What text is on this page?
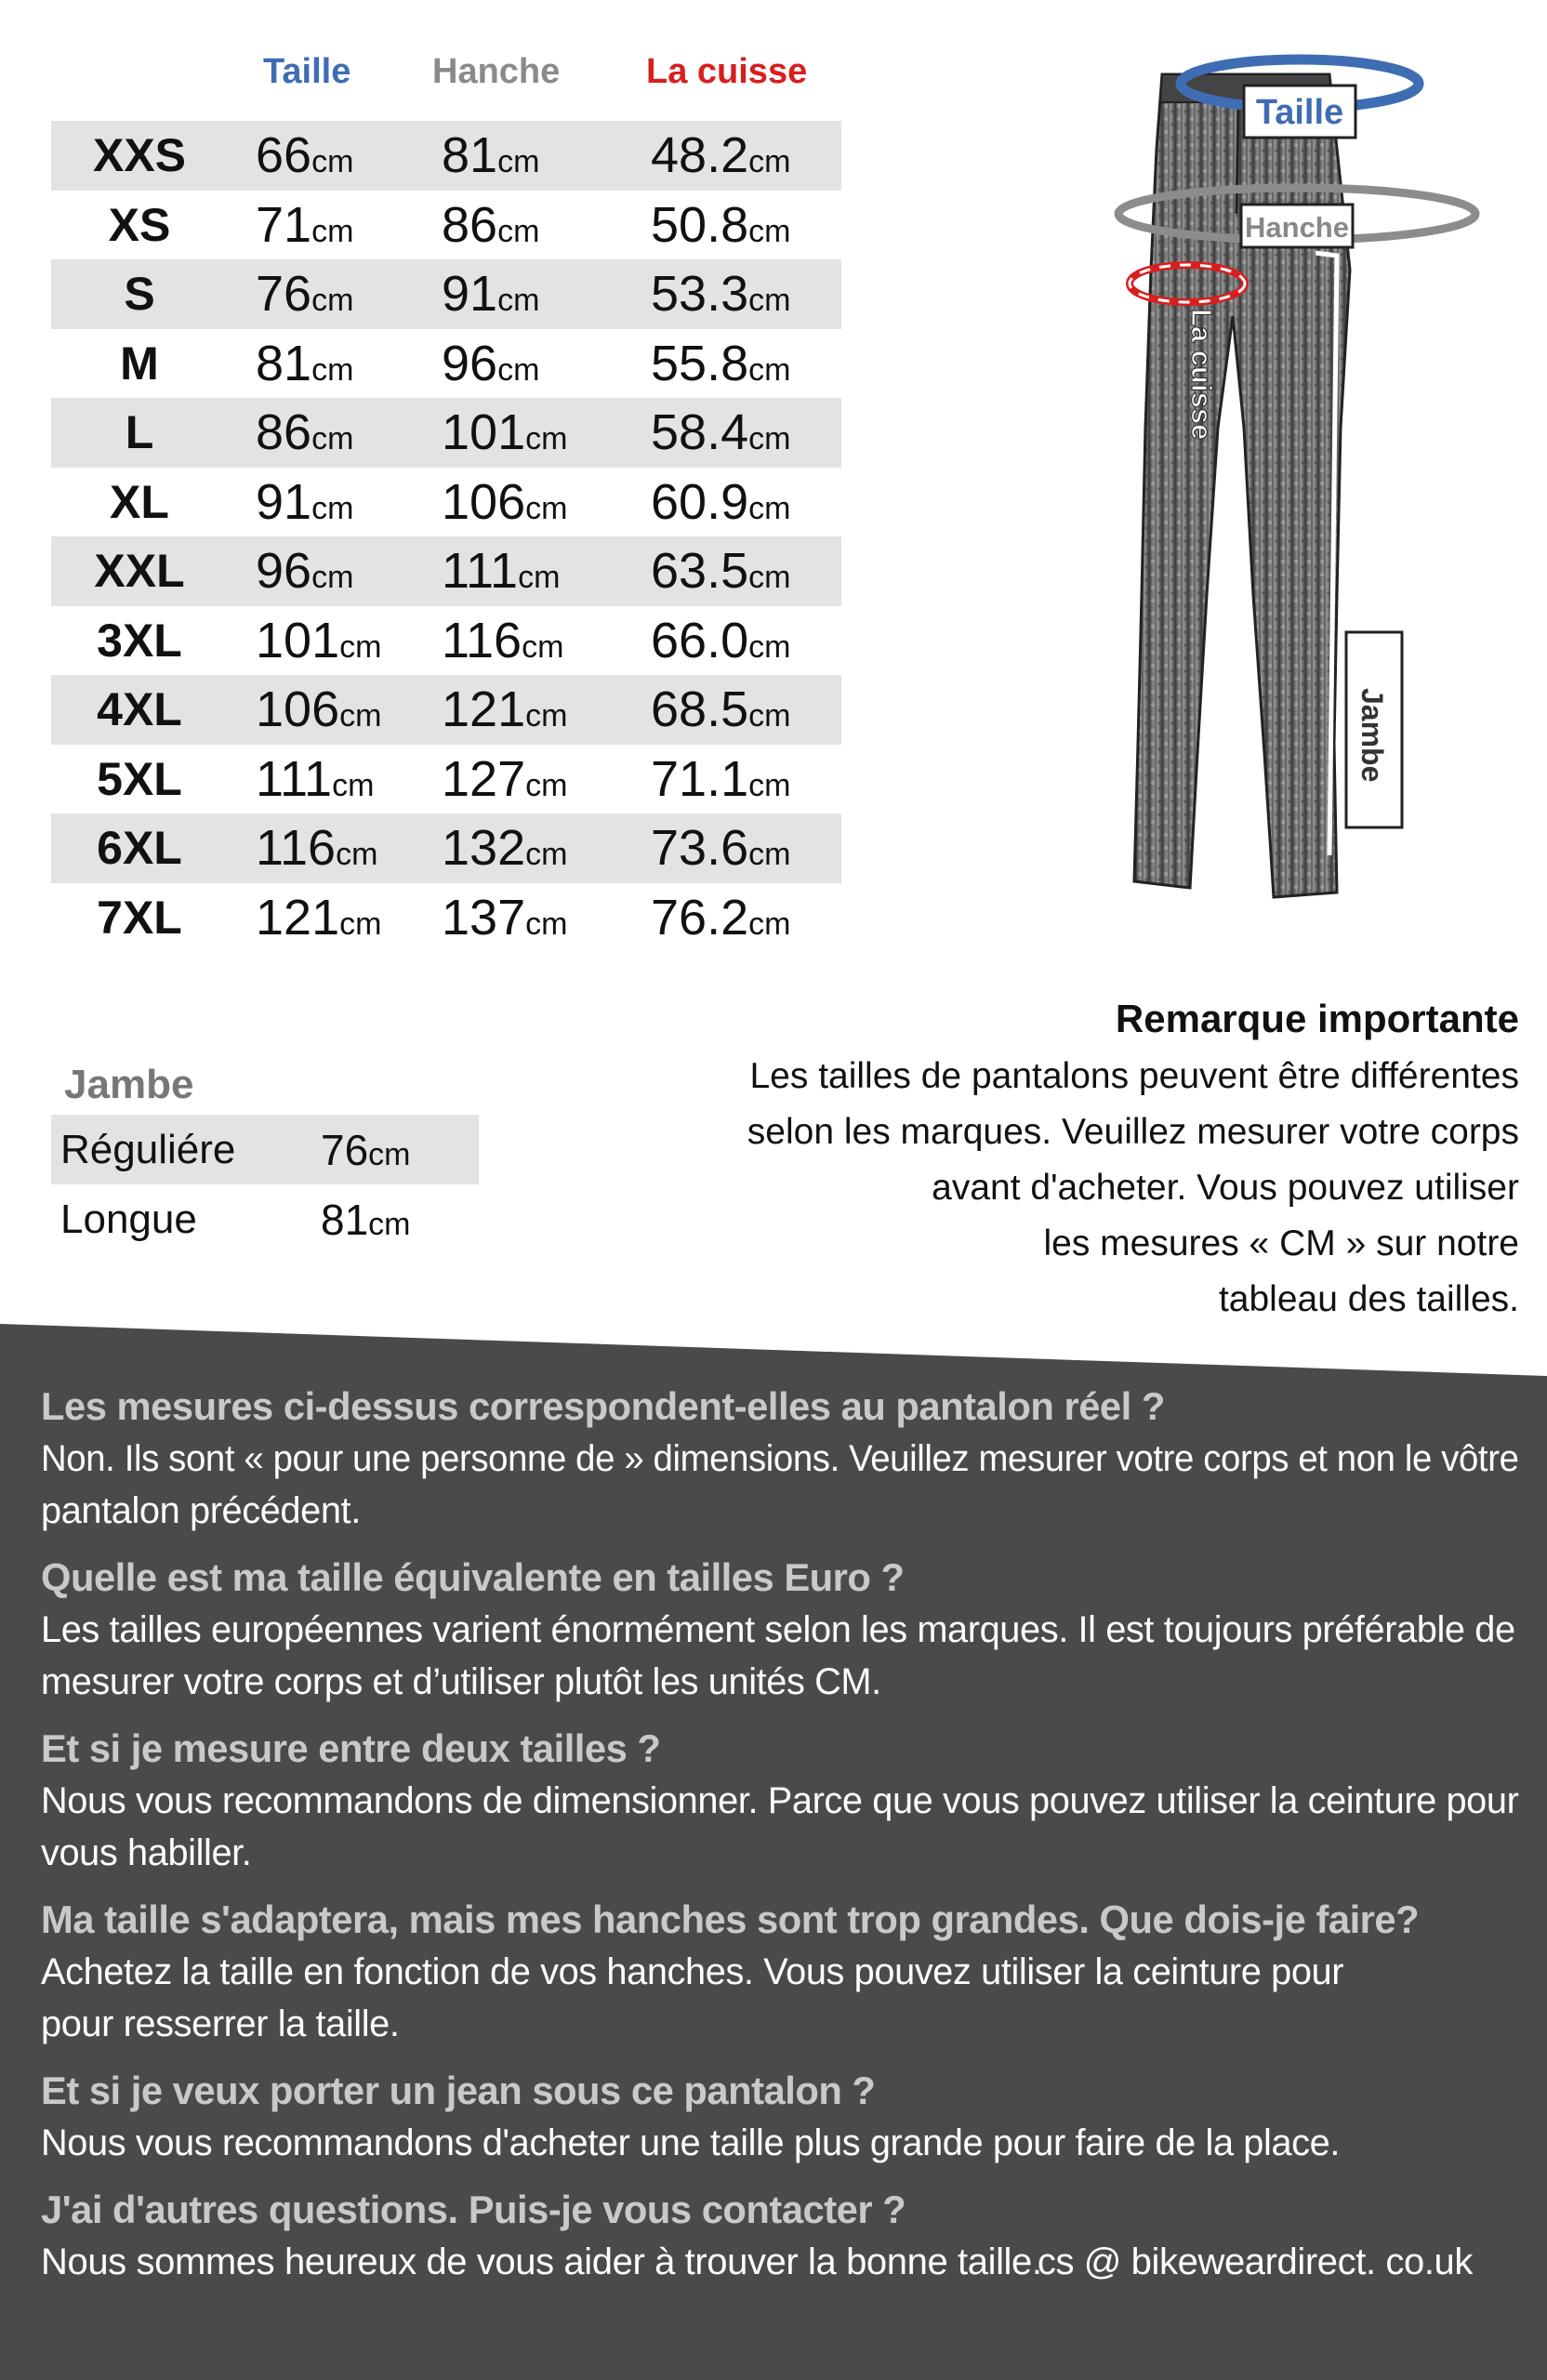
Taille Hanche La cuisse
XXS	66cm 81cm 48.2cm
XS	71cm 86cm 50.8cm
S	76cm 91cm 53.3cm
M	81cm 96cm 55.8cm
L	86cm 101cm 58.4cm
XL	91cm 106cm 60.9cm
XXL	96cm 111cm 63.5cm
3XL	101cm 116cm 66.0cm
4XL	106cm 121cm 68.5cm
5XL	111cm 127cm 71.1cm
6XL	116cm 132cm 73.6cm
7XL	121cm 137cm 76.2cm
Taille
Hanche
La cuisse
Jambe
Jambe
Réguliére 76cm
Longue	81cm
Remarque importante
Les tailles de pantalons peuvent être différentes
selon les marques. Veuillez mesurer votre corps
avant d'acheter. Vous pouvez utiliser
les mesures « CM » sur notre
tableau des tailles.
Les mesures ci-dessus correspondent-elles au pantalon réel ?
Non. Ils sont « pour une personne de » dimensions. Veuillez mesurer votre corps et non le vôtre
pantalon précédent.
Quelle est ma taille équivalente en tailles Euro ?
Les tailles européennes varient énormément selon les marques. Il est toujours préférable de
mesurer votre corps et d’utiliser plutôt les unités CM.
Et si je mesure entre deux tailles ?
Nous vous recommandons de dimensionner. Parce que vous pouvez utiliser la ceinture pour
vous habiller.
Ma taille s'adaptera, mais mes hanches sont trop grandes. Que dois-je faire?
Achetez la taille en fonction de vos hanches. Vous pouvez utiliser la ceinture pour
pour resserrer la taille.
Et si je veux porter un jean sous ce pantalon ?
Nous vous recommandons d'acheter une taille plus grande pour faire de la place.
J'ai d'autres questions. Puis-je vous contacter ?
Nous sommes heureux de vous aider à trouver la bonne taille.
cs @ bikeweardirect. co.uk
